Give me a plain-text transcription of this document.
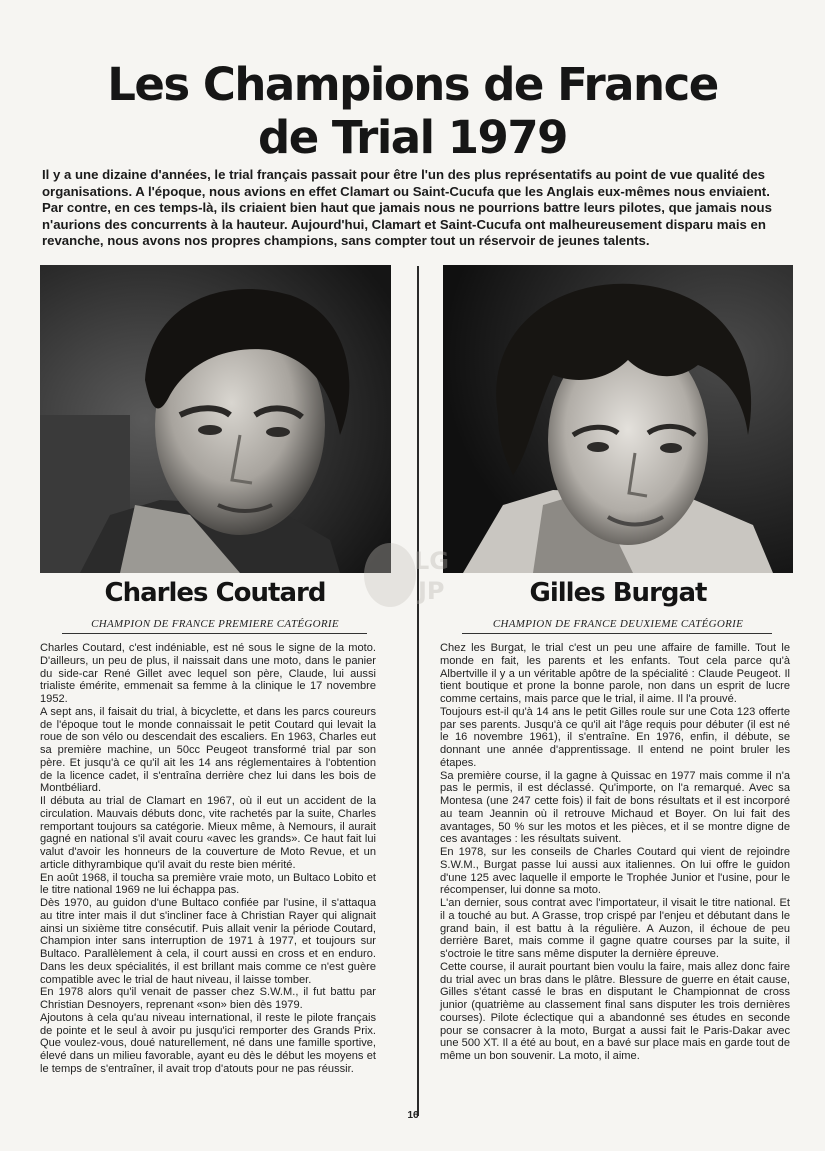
Les Champions de France
de Trial 1979
Il y a une dizaine d'années, le trial français passait pour être l'un des plus représentatifs au point de vue qualité des organisations. A l'époque, nous avions en effet Clamart ou Saint-Cucufa que les Anglais eux-mêmes nous enviaient. Par contre, en ces temps-là, ils criaient bien haut que jamais nous ne pourrions battre leurs pilotes, que jamais nous n'aurions des concurrents à la hauteur. Aujourd'hui, Clamart et Saint-Cucufa ont malheureusement disparu mais en revanche, nous avons nos propres champions, sans compter tout un réservoir de jeunes talents.
LG
JP
Charles Coutard	Gilles Burgat
CHAMPION DE FRANCE PREMIERE CATÉGORIE	CHAMPION DE FRANCE DEUXIEME CATÉGORIE

Charles Coutard, c'est indéniable, est né sous le signe de la moto. D'ailleurs, un peu de plus, il naissait dans une moto, dans le panier du side-car René Gillet avec lequel son père, Claude, lui aussi trialiste émérite, emmenait sa femme à la clinique le 17 novembre 1952.

A sept ans, il faisait du trial, à bicyclette, et dans les parcs coureurs de l'époque tout le monde connaissait le petit Coutard qui levait la roue de son vélo ou descendait des escaliers. En 1963, Charles eut sa première machine, un 50cc Peugeot transformé trial par son père. Et jusqu'à ce qu'il ait les 14 ans réglementaires à l'obtention de la licence cadet, il s'entraîna derrière chez lui dans les bois de Montbéliard.

Il débuta au trial de Clamart en 1967, où il eut un accident de la circulation. Mauvais débuts donc, vite rachetés par la suite, Charles remportant toujours sa catégorie. Mieux même, à Nemours, il aurait gagné en national s'il avait couru «avec les grands». Ce haut fait lui valut d'avoir les honneurs de la couverture de Moto Revue, et un article dithyrambique qu'il avait du reste bien mérité.

En août 1968, il toucha sa première vraie moto, un Bultaco Lobito et le titre national 1969 ne lui échappa pas.

Dès 1970, au guidon d'une Bultaco confiée par l'usine, il s'attaqua au titre inter mais il dut s'incliner face à Christian Rayer qui alignait ainsi un sixième titre consécutif. Puis allait venir la période Coutard, Champion inter sans interruption de 1971 à 1977, et toujours sur Bultaco. Parallèlement à cela, il court aussi en cross et en enduro. Dans les deux spécialités, il est brillant mais comme ce n'est guère compatible avec le trial de haut niveau, il laisse tomber.

En 1978 alors qu'il venait de passer chez S.W.M., il fut battu par Christian Desnoyers, reprenant «son» bien dès 1979.

Ajoutons à cela qu'au niveau international, il reste le pilote français de pointe et le seul à avoir pu jusqu'ici remporter des Grands Prix. Que voulez-vous, doué naturellement, né dans une famille sportive, élevé dans un milieu favorable, ayant eu dès le début les moyens et le temps de s'entraîner, il avait trop d'atouts pour ne pas réussir.

Chez les Burgat, le trial c'est un peu une affaire de famille. Tout le monde en fait, les parents et les enfants. Tout cela parce qu'à Albertville il y a un véritable apôtre de la spécialité : Claude Peugeot. Il tient boutique et prone la bonne parole, non dans un esprit de lucre comme certains, mais parce que le trial, il aime. Il l'a prouvé.

Toujours est-il qu'à 14 ans le petit Gilles roule sur une Cota 123 offerte par ses parents. Jusqu'à ce qu'il ait l'âge requis pour débuter (il est né le 16 novembre 1961), il s'entraîne. En 1976, enfin, il débute, se donnant une année d'apprentissage. Il entend ne point bruler les étapes.

Sa première course, il la gagne à Quissac en 1977 mais comme il n'a pas le permis, il est déclassé. Qu'importe, on l'a remarqué. Avec sa Montesa (une 247 cette fois) il fait de bons résultats et il est incorporé au team Jeannin où il retrouve Michaud et Boyer. On lui fait des avantages, 50 % sur les motos et les pièces, et il se montre digne de ces avantages : les résultats suivent.

En 1978, sur les conseils de Charles Coutard qui vient de rejoindre S.W.M., Burgat passe lui aussi aux italiennes. On lui offre le guidon d'une 125 avec laquelle il emporte le Trophée Junior et l'usine, pour le récompenser, lui donne sa moto.

L'an dernier, sous contrat avec l'importateur, il visait le titre national. Et il a touché au but. A Grasse, trop crispé par l'enjeu et débutant dans le grand bain, il est battu à la régulière. A Auzon, il échoue de peu derrière Baret, mais comme il gagne quatre courses par la suite, il s'octroie le titre sans même disputer la dernière épreuve.

Cette course, il aurait pourtant bien voulu la faire, mais allez donc faire du trial avec un bras dans le plâtre. Blessure de guerre en était cause, Gilles s'étant cassé le bras en disputant le Championnat de cross junior (quatrième au classement final sans disputer les trois dernières courses). Pilote éclectique qui a abandonné ses études en seconde pour se consacrer à la moto, Burgat a aussi fait le Paris-Dakar avec une 500 XT. Il a été au bout, en a bavé sur place mais en garde tout de même un bon souvenir. La moto, il aime.

16
